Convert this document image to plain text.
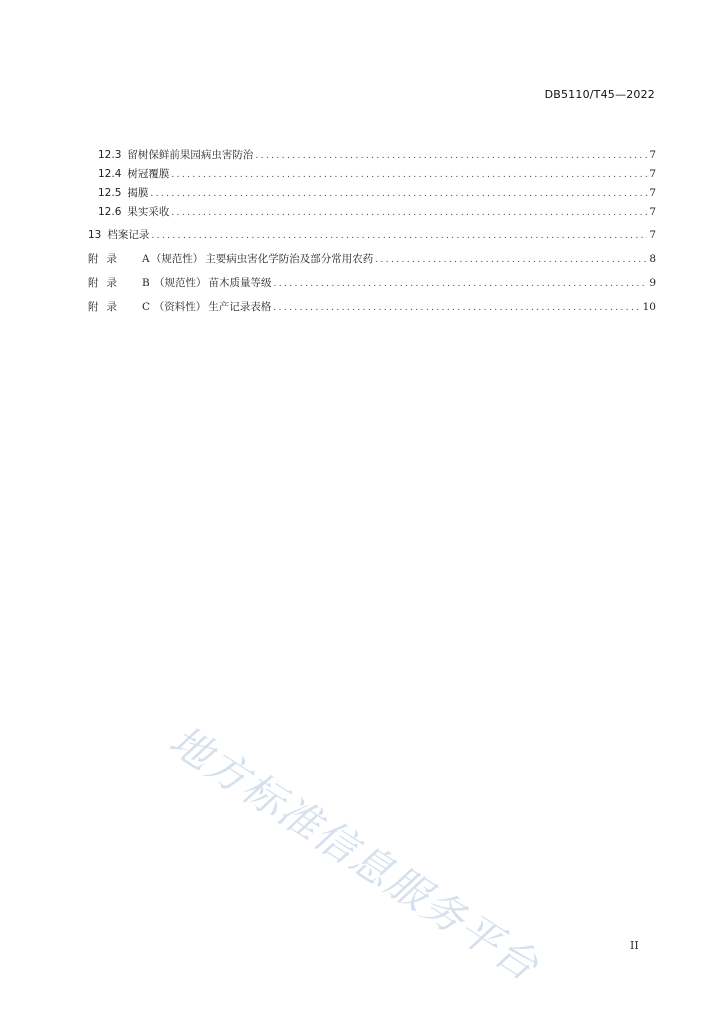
DB5110/T45—2022
12.3 留树保鲜前果园病虫害防治 .....	7
12.4 树冠覆膜 .....	7
12.5 揭膜 .....	7
12.6 果实采收 .....	7
13 档案记录 .....	7
附录	A （规范性） 主要病虫害化学防治及部分常用农药 .....	8
附录	B （规范性） 苗木质量等级 .....	9
附录	C （资料性） 生产记录表格 .....	10
地方标准信息服务平台	II
